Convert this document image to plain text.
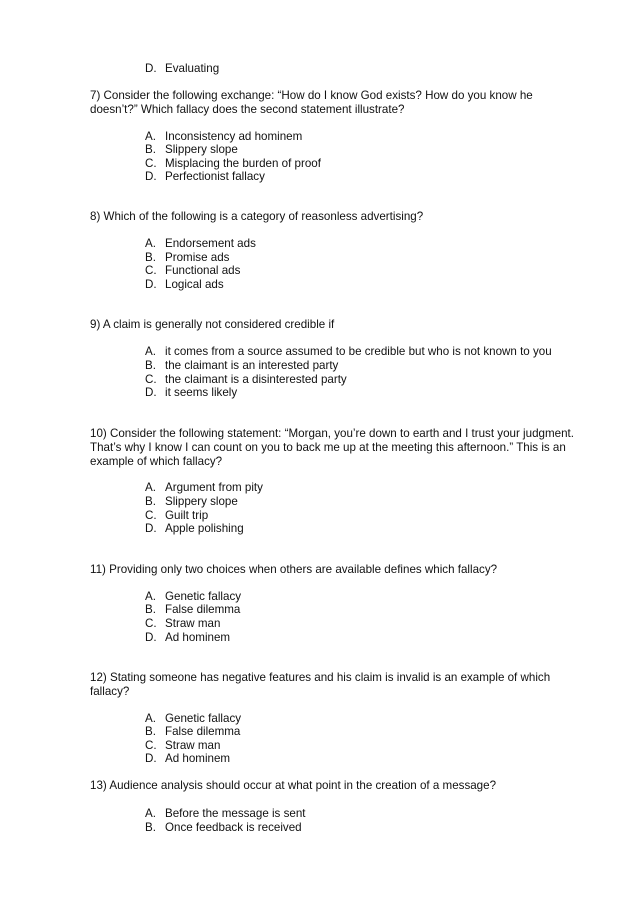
D. Evaluating
7) Consider the following exchange: “How do I know God exists? How do you know he
doesn’t?” Which fallacy does the second statement illustrate?
A. Inconsistency ad hominem
B. Slippery slope
C. Misplacing the burden of proof
D. Perfectionist fallacy
8) Which of the following is a category of reasonless advertising?
A. Endorsement ads
B. Promise ads
C. Functional ads
D. Logical ads
9) A claim is generally not considered credible if
A. it comes from a source assumed to be credible but who is not known to you
B. the claimant is an interested party
C. the claimant is a disinterested party
D. it seems likely
10) Consider the following statement: “Morgan, you’re down to earth and I trust your judgment.
That’s why I know I can count on you to back me up at the meeting this afternoon.” This is an
example of which fallacy?
A. Argument from pity
B. Slippery slope
C. Guilt trip
D. Apple polishing
11) Providing only two choices when others are available defines which fallacy?
A. Genetic fallacy
B. False dilemma
C. Straw man
D. Ad hominem
12) Stating someone has negative features and his claim is invalid is an example of which
fallacy?
A. Genetic fallacy
B. False dilemma
C. Straw man
D. Ad hominem
13) Audience analysis should occur at what point in the creation of a message?
A. Before the message is sent
B. Once feedback is received
